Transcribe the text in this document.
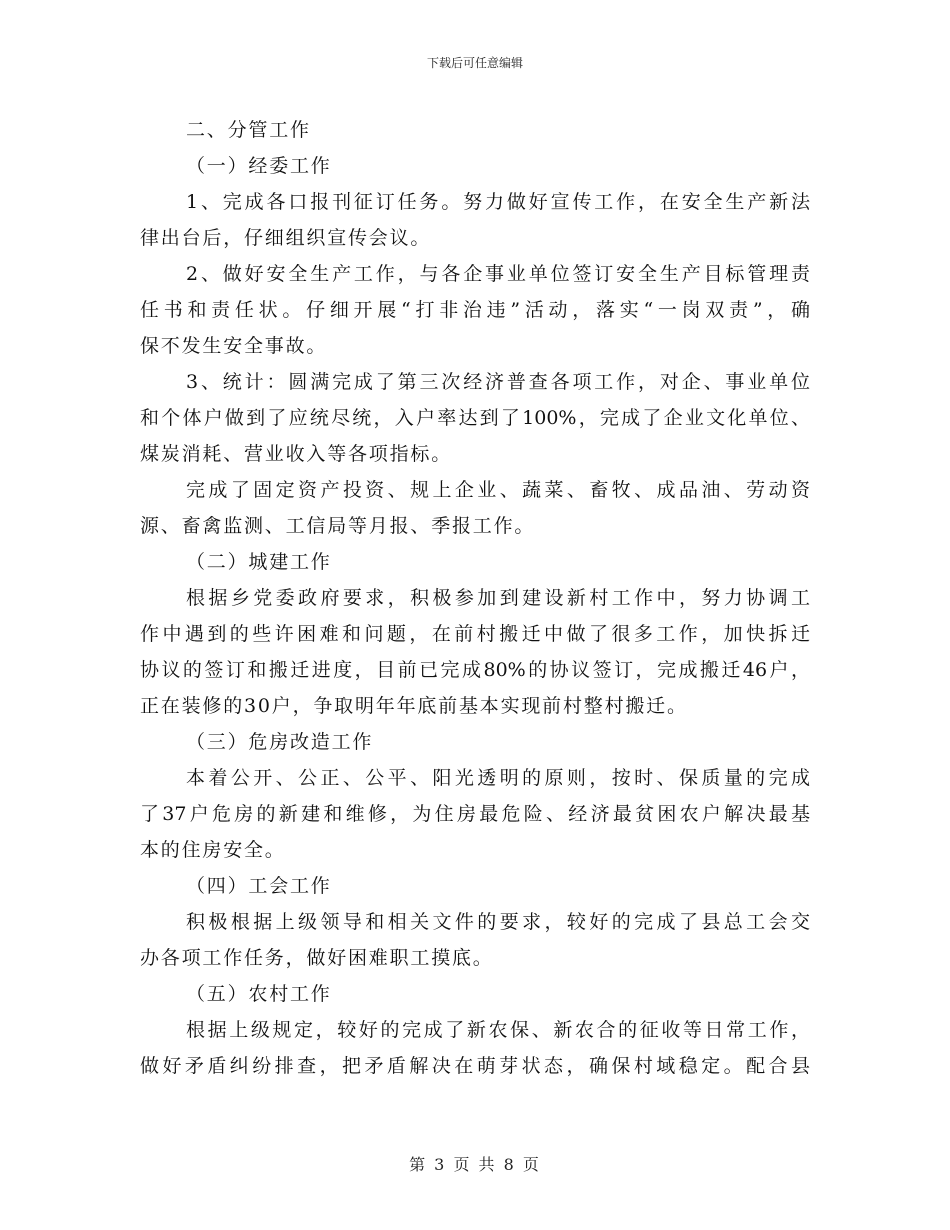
下载后可任意编辑
二、分管工作
（一）经委工作
1、完成各口报刊征订任务。努力做好宣传工作，在安全生产新法
律出台后，仔细组织宣传会议。
2、做好安全生产工作，与各企事业单位签订安全生产目标管理责
任书和责任状。仔细开展“打非治违”活动，落实“一岗双责”，确
保不发生安全事故。
3、统计：圆满完成了第三次经济普查各项工作，对企、事业单位
和个体户做到了应统尽统，入户率达到了100%，完成了企业文化单位、
煤炭消耗、营业收入等各项指标。
完成了固定资产投资、规上企业、蔬菜、畜牧、成品油、劳动资
源、畜禽监测、工信局等月报、季报工作。
（二）城建工作
根据乡党委政府要求，积极参加到建设新村工作中，努力协调工
作中遇到的些许困难和问题，在前村搬迁中做了很多工作，加快拆迁
协议的签订和搬迁进度，目前已完成80%的协议签订，完成搬迁46户，
正在装修的30户，争取明年年底前基本实现前村整村搬迁。
（三）危房改造工作
本着公开、公正、公平、阳光透明的原则，按时、保质量的完成
了37户危房的新建和维修，为住房最危险、经济最贫困农户解决最基
本的住房安全。
（四）工会工作
积极根据上级领导和相关文件的要求，较好的完成了县总工会交
办各项工作任务，做好困难职工摸底。
（五）农村工作
根据上级规定，较好的完成了新农保、新农合的征收等日常工作，
做好矛盾纠纷排查，把矛盾解决在萌芽状态，确保村域稳定。配合县
第 3 页 共 8 页
